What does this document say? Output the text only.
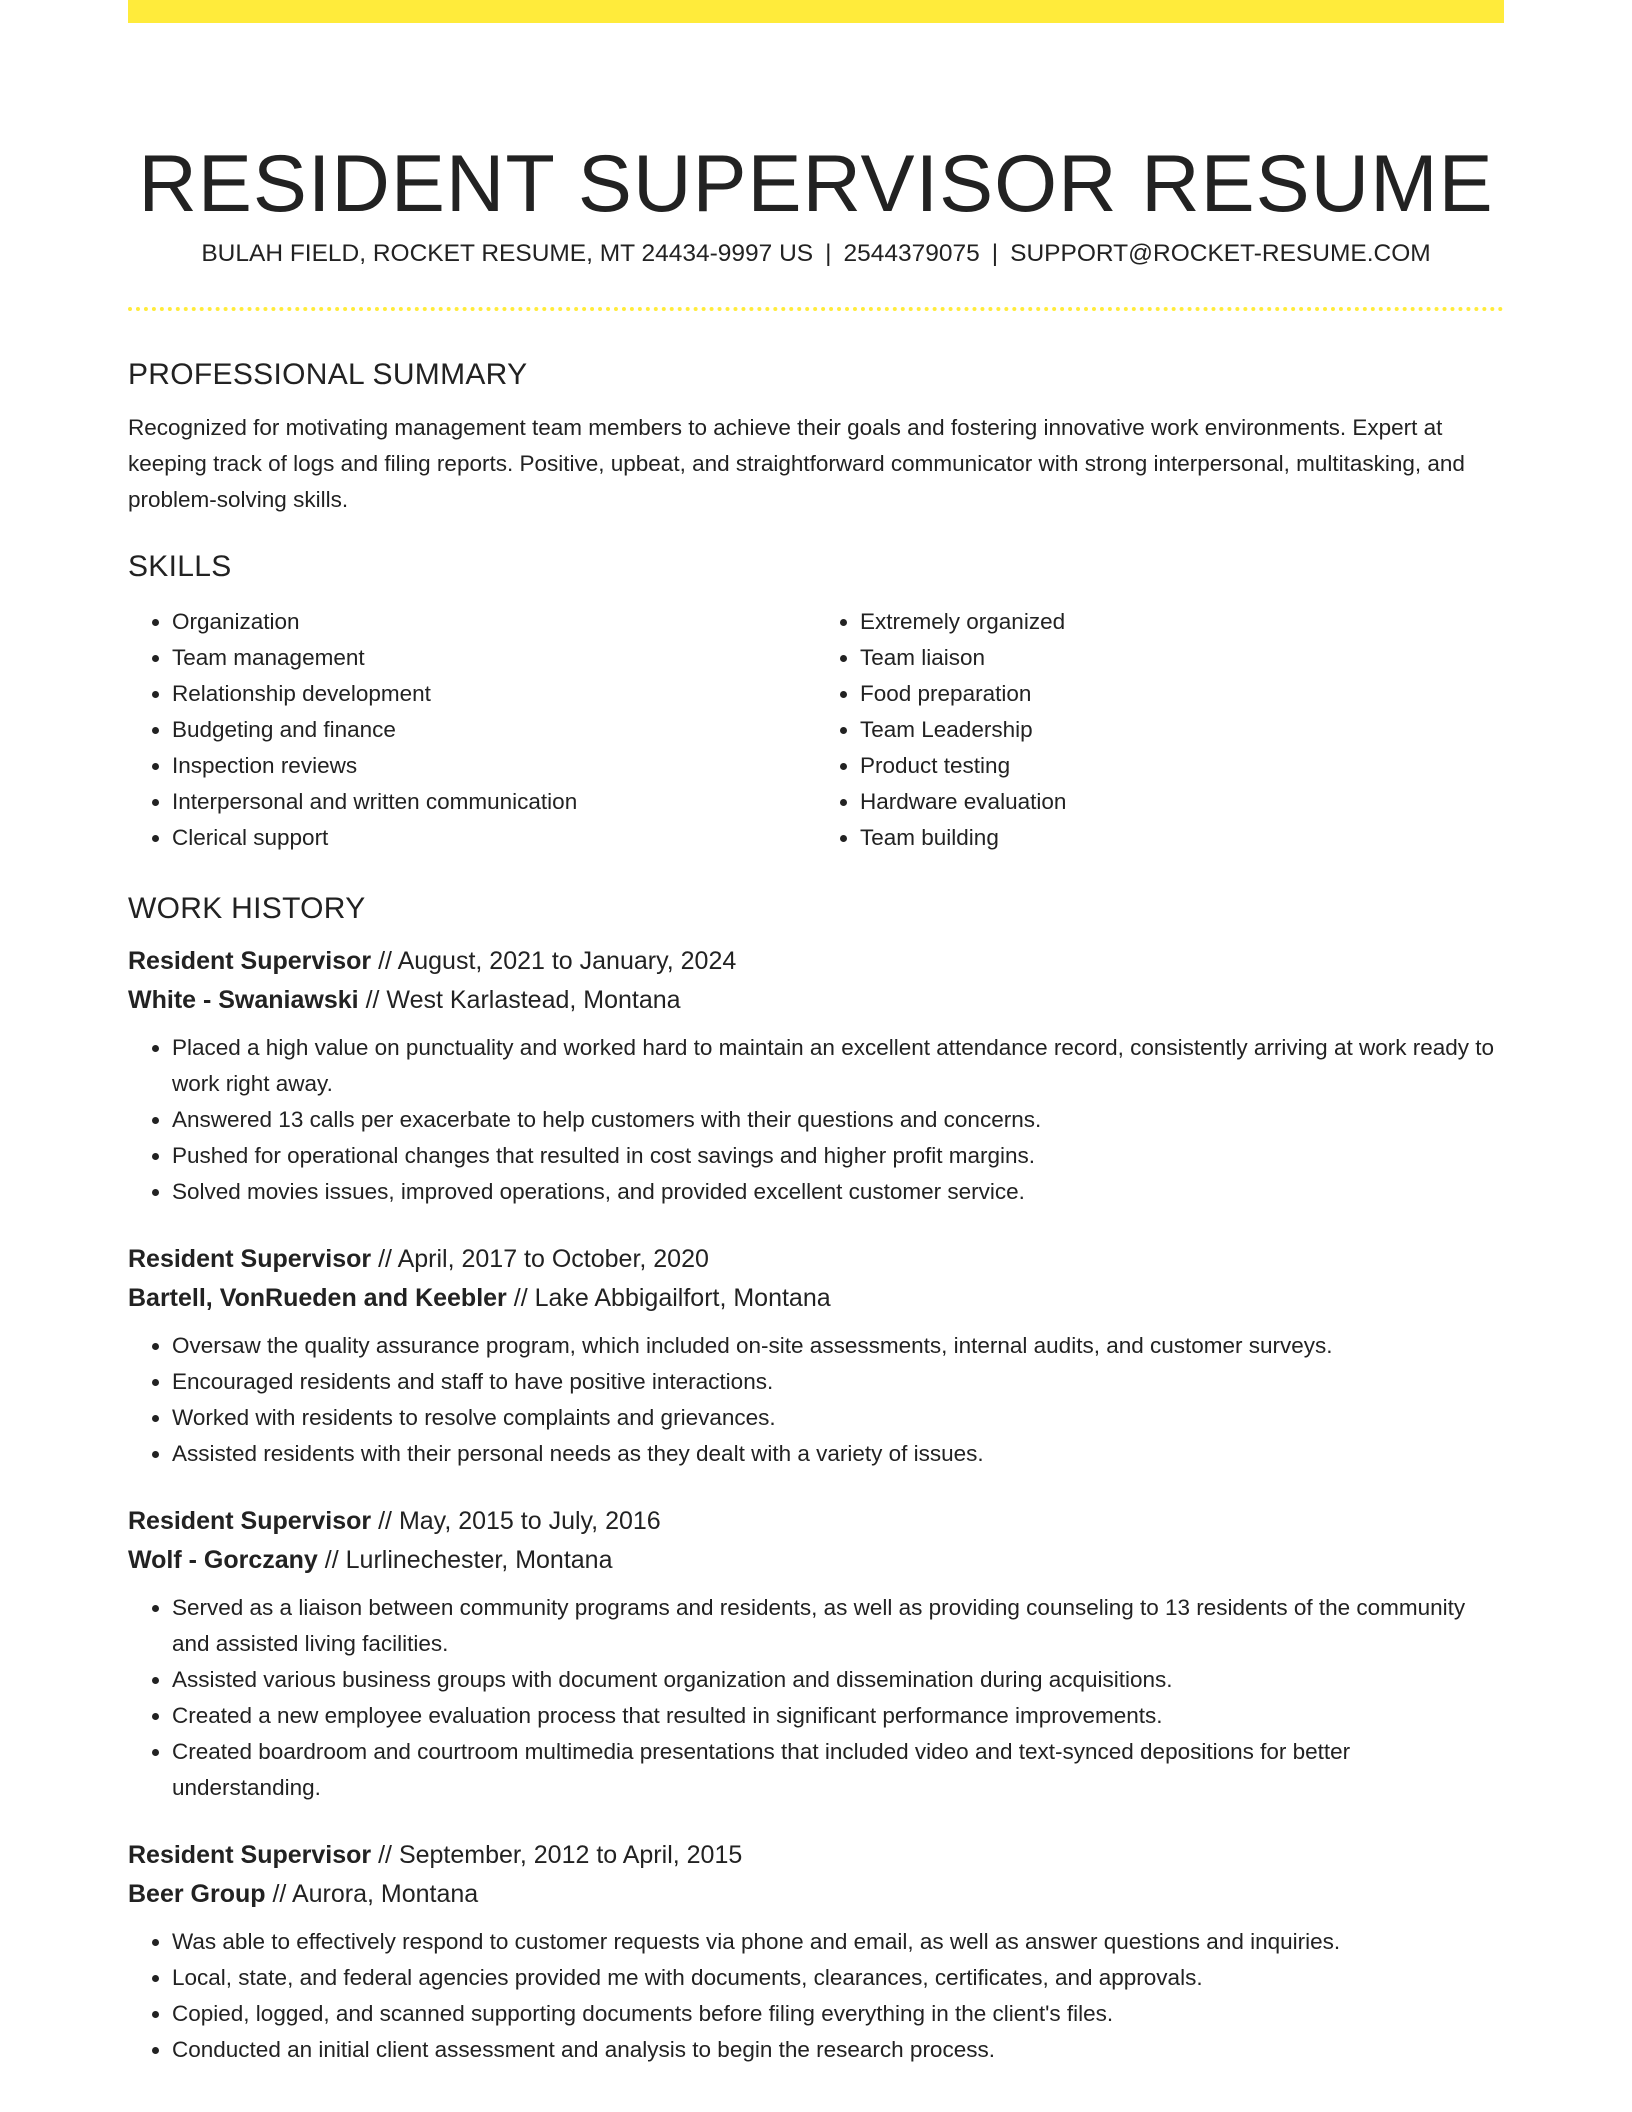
RESIDENT SUPERVISOR RESUME
BULAH FIELD, ROCKET RESUME, MT 24434-9997 US | 2544379075 | SUPPORT@ROCKET-RESUME.COM
PROFESSIONAL SUMMARY

Recognized for motivating management team members to achieve their goals and fostering innovative work environments. Expert at keeping track of logs and filing reports. Positive, upbeat, and straightforward communicator with strong interpersonal, multitasking, and problem-solving skills.

SKILLS
• Organization
• Team management
• Relationship development
• Budgeting and finance
• Inspection reviews
• Interpersonal and written communication
• Clerical support
• Extremely organized
• Team liaison
• Food preparation
• Team Leadership
• Product testing
• Hardware evaluation
• Team building
WORK HISTORY

Resident Supervisor // August, 2021 to January, 2024

White - Swaniawski // West Karlastead, Montana

• Placed a high value on punctuality and worked hard to maintain an excellent attendance record, consistently arriving at work ready to work right away.
• Answered 13 calls per exacerbate to help customers with their questions and concerns.
• Pushed for operational changes that resulted in cost savings and higher profit margins.
• Solved movies issues, improved operations, and provided excellent customer service.

Resident Supervisor // April, 2017 to October, 2020

Bartell, VonRueden and Keebler // Lake Abbigailfort, Montana

• Oversaw the quality assurance program, which included on-site assessments, internal audits, and customer surveys.
• Encouraged residents and staff to have positive interactions.
• Worked with residents to resolve complaints and grievances.
• Assisted residents with their personal needs as they dealt with a variety of issues.

Resident Supervisor // May, 2015 to July, 2016

Wolf - Gorczany // Lurlinechester, Montana

• Served as a liaison between community programs and residents, as well as providing counseling to 13 residents of the community and assisted living facilities.
• Assisted various business groups with document organization and dissemination during acquisitions.
• Created a new employee evaluation process that resulted in significant performance improvements.
• Created boardroom and courtroom multimedia presentations that included video and text-synced depositions for better understanding.

Resident Supervisor // September, 2012 to April, 2015

Beer Group // Aurora, Montana

• Was able to effectively respond to customer requests via phone and email, as well as answer questions and inquiries.
• Local, state, and federal agencies provided me with documents, clearances, certificates, and approvals.
• Copied, logged, and scanned supporting documents before filing everything in the client's files.
• Conducted an initial client assessment and analysis to begin the research process.
